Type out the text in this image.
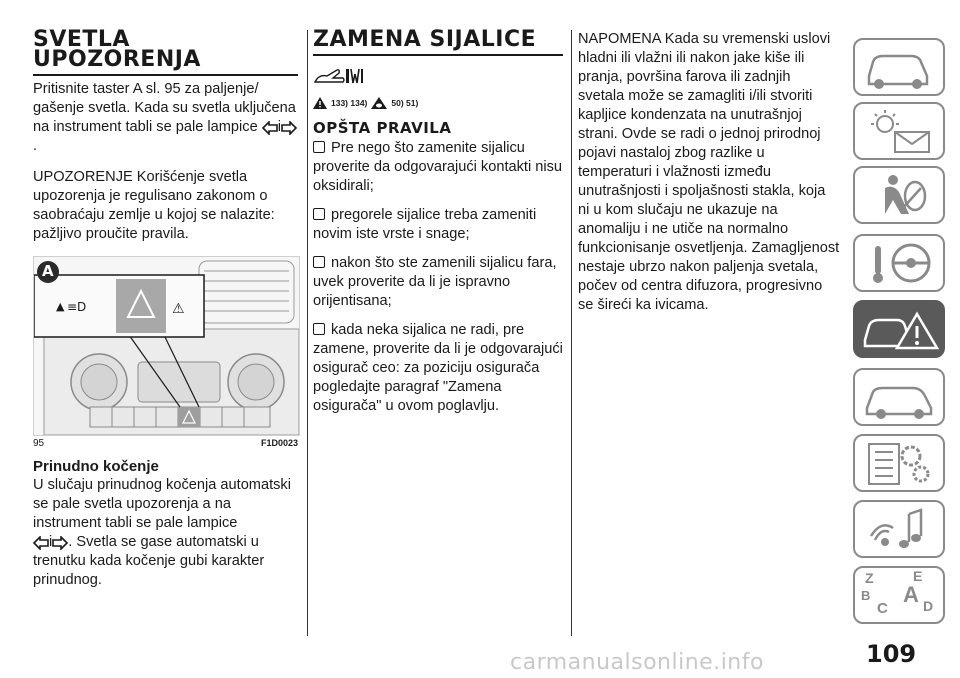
SVETLA UPOZORENJA

Pritisnite taster A sl. 95 za paljenje/ gašenje svetla. Kada su svetla uključena na instrument tabli se pale lampice i.

UPOZORENJE Korišćenje svetla upozorenja je regulisano zakonom o saobraćaju zemlje u kojoj se nalazite: pažljivo proučite pravila.

▲ ≡D	⚠
A
95	F1D0023
Prinudno kočenje

U slučaju prinudnog kočenja automatski se pale svetla upozorenja a na instrument tabli se pale lampice
i . Svetla se gase automatski u trenutku kada kočenje gubi karakter prinudnog.

ZAMENA SIJALICE
133) 134)	50) 51)
OPŠTA PRAVILA
Pre nego što zamenite sijalicu proverite da odgovarajući kontakti nisu oksidirali;
pregorele sijalice treba zameniti novim iste vrste i snage;
nakon što ste zamenili sijalicu fara, uvek proverite da li je ispravno orijentisana;
kada neka sijalica ne radi, pre zamene, proverite da li je odgovarajući osigurač ceo: za poziciju osigurača pogledajte paragraf "Zamena osigurača" u ovom poglavlju.

NAPOMENA Kada su vremenski uslovi hladni ili vlažni ili nakon jake kiše ili pranja, površina farova ili zadnjih svetala može se zamagliti i/ili stvoriti kapljice kondenzata na unutrašnjoj strani. Ovde se radi o jednoj prirodnoj pojavi nastaloj zbog razlike u temperaturi i vlažnosti između unutrašnjosti i spoljašnosti stakla, koja ni u kom slučaju ne ukazuje na anomaliju i ne utiče na normalno funkcionisanje osvetljenja. Zamagljenost nestaje ubrzo nakon paljenja svetala, počev od centra difuzora, progresivno se šireći ka ivicama.

Z	E
B A
C	D
109
carmanualsonline.info
